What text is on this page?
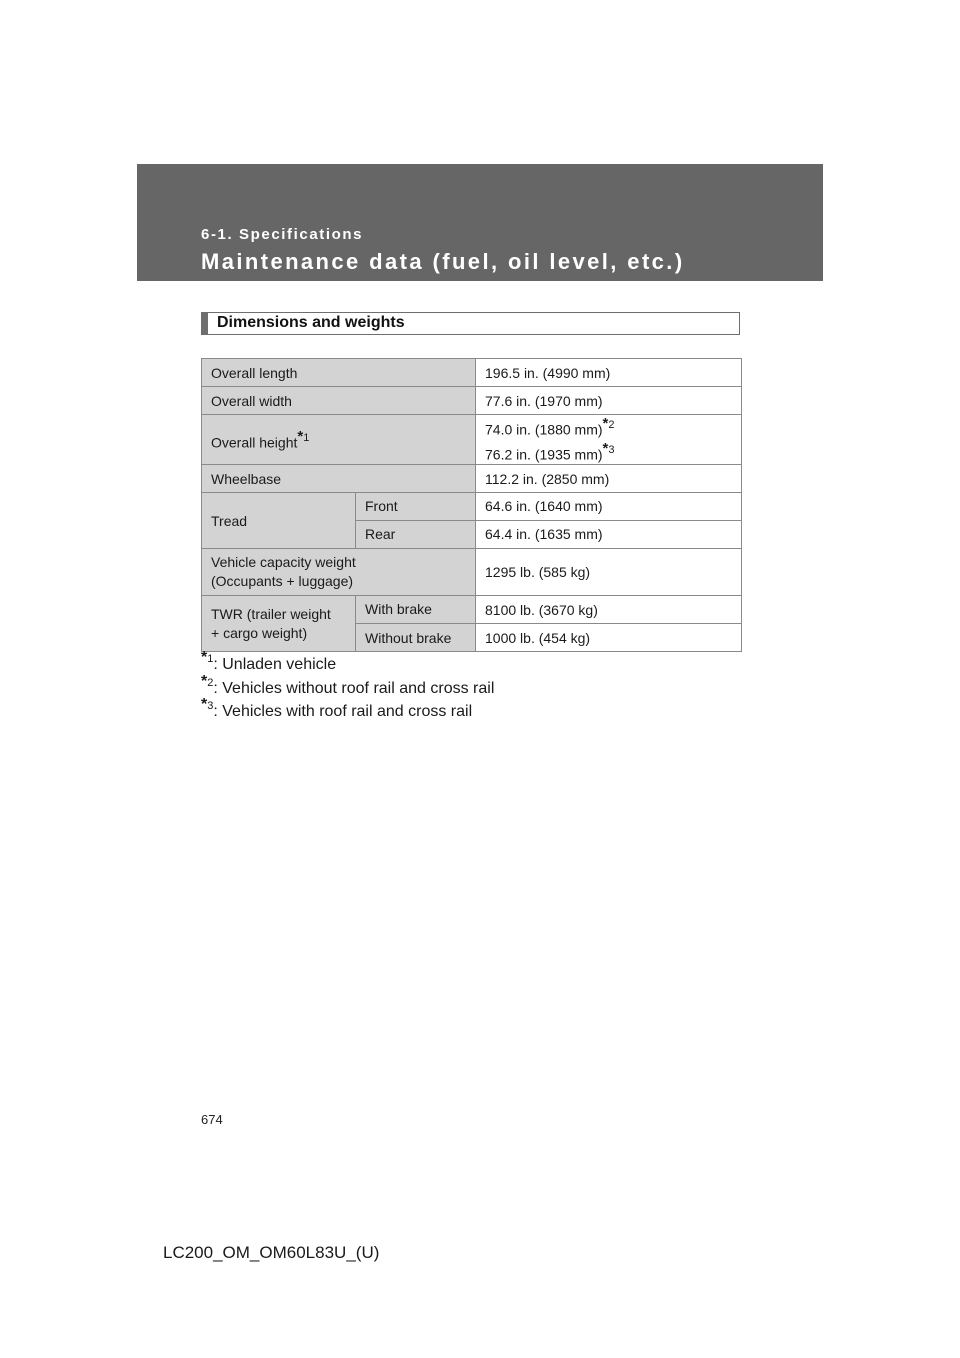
6-1. Specifications
Maintenance data (fuel, oil level, etc.)
Dimensions and weights
Overall length		196.5 in. (4990 mm)
Overall width		77.6 in. (1970 mm)
Overall height$^{*1}$		74.0 in. (1880 mm)$^{*2}$
76.2 in. (1935 mm)$^{*3}$

Wheelbase		112.2 in. (2850 mm)
Tread	Front	64.6 in. (1640 mm)
	Rear	64.4 in. (1635 mm)

Vehicle capacity weight
(Occupants + luggage)		1295 lb. (585 kg)

TWR (trailer weight
+ cargo weight)	With brake	8100 lb. (3670 kg)
	Without brake	1000 lb. (454 kg)
$^{*1}$: Unladen vehicle
$^{*2}$: Vehicles without roof rail and cross rail
$^{*3}$: Vehicles with roof rail and cross rail
674
LC200_OM_OM60L83U_(U)
